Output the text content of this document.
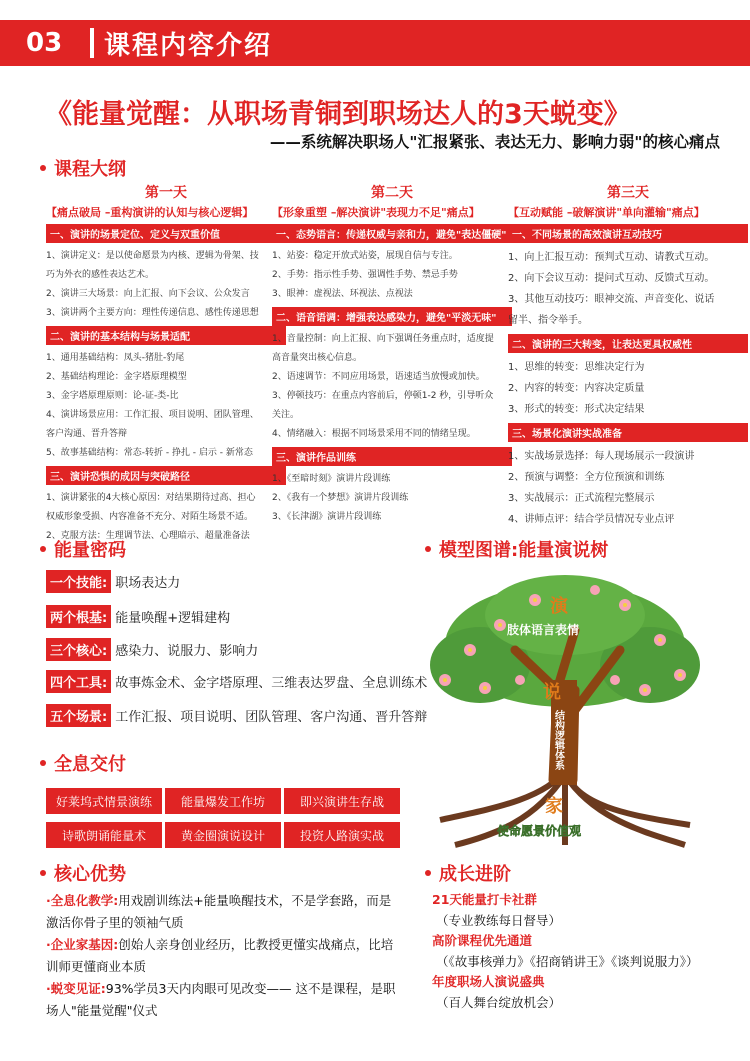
03	课程内容介绍
《能量觉醒：从职场青铜到职场达人的3天蜕变》
——系统解决职场人"汇报紧张、表达无力、影响力弱"的核心痛点
课程大纲
第一天
【痛点破局 –重构演讲的认知与核心逻辑】
一、演讲的场景定位、定义与双重价值
1、演讲定义：是以使命愿景为内核、逻辑为骨架、技
巧为外衣的感性表达艺术。
2、演讲三大场景：向上汇报、向下会议、公众发言
3、演讲两个主要方向：理性传递信息、感性传递思想
二、演讲的基本结构与场景适配
1、通用基础结构：凤头-猪肚-豹尾
2、基础结构理论：金字塔原理模型
3、金字塔原理原则：论-证-类-比
4、演讲场景应用：工作汇报、项目说明、团队管理、
客户沟通、晋升答辩
5、故事基础结构：常态-转折 - 挣扎 - 启示 - 新常态
三、演讲恐惧的成因与突破路径
1、演讲紧张的4大核心原因：对结果期待过高、担心
权威形象受损、内容准备不充分、对陌生场景不适。
2、克服方法：生理调节法、心理暗示、超量准备法
第二天
【形象重塑 –解决演讲"表现力不足"痛点】
一、态势语言：传递权威与亲和力，避免"表达僵硬"
1、站姿：稳定开放式站姿，展现自信与专注。
2、手势：指示性手势、强调性手势、禁忌手势
3、眼神：虚视法、环视法、点视法
二、语音语调：增强表达感染力，避免"平淡无味"
1、音量控制：向上汇报、向下强调任务重点时，适度提
高音量突出核心信息。
2、语速调节：不同应用场景，语速适当放慢或加快。
3、停顿技巧：在重点内容前后，停顿1-2 秒，引导听众
关注。
4、情绪融入：根据不同场景采用不同的情绪呈现。
三、演讲作品训练
1、《至暗时刻》演讲片段训练
2、《我有一个梦想》演讲片段训练
3、《长津湖》演讲片段训练
第三天
【互动赋能 –破解演讲"单向灌输"痛点】
一、不同场景的高效演讲互动技巧
1、向上汇报互动：预判式互动、请教式互动。
2、向下会议互动：提问式互动、反馈式互动。
3、其他互动技巧：眼神交流、声音变化、说话
留半、指令举手。
二、演讲的三大转变，让表达更具权威性
1、思维的转变：思维决定行为
2、内容的转变：内容决定质量
3、形式的转变：形式决定结果
三、场景化演讲实战准备
1、实战场景选择：每人现场展示一段演讲
2、预演与调整：全方位预演和训练
3、实战展示：正式流程完整展示
4、讲师点评：结合学员情况专业点评
能量密码
一个技能: 职场表达力
两个根基: 能量唤醒+逻辑建构
三个核心: 感染力、说服力、影响力
四个工具: 故事炼金术、金字塔原理、三维表达罗盘、全息训练术
五个场景: 工作汇报、项目说明、团队管理、客户沟通、晋升答辩
模型图谱:能量演说树
演
肢体语言表情
说
结构逻辑体系
家
使命愿景价值观
全息交付
好莱坞式情景演练	能量爆发工作坊	即兴演讲生存战
诗歌朗诵能量术	黄金圈演说设计	投资人路演实战
核心优势
·全息化教学:用戏剧训练法+能量唤醒技术，不是学套路，而是激活你骨子里的领袖气质
·企业家基因:创始人亲身创业经历，比教授更懂实战痛点，比培训师更懂商业本质
·蜕变见证:93%学员3天内肉眼可见改变—— 这不是课程，是职场人"能量觉醒"仪式
成长进阶
21天能量打卡社群
（专业教练每日督导）
高阶课程优先通道
（《故事核弹力》《招商销讲王》《谈判说服力》）
年度职场人演说盛典
（百人舞台绽放机会）
